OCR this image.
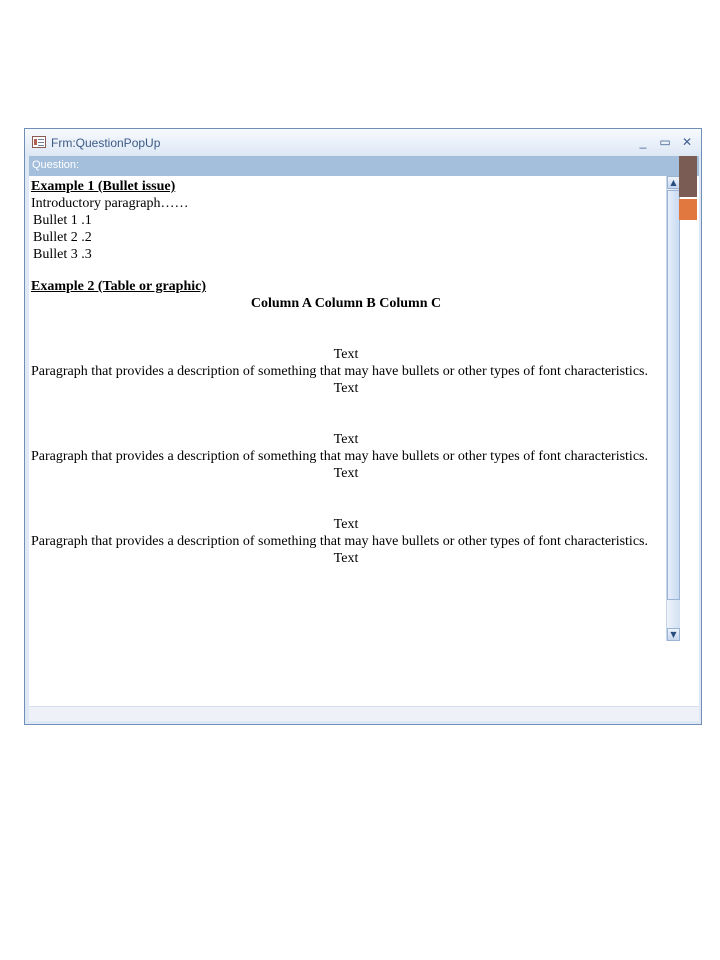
Frm:QuestionPopUp	_	▭ ✕
Question:

Example 1 (Bullet issue)

Introductory paragraph……

Bullet 1 .1

Bullet 2 .2

Bullet 3 .3

Example 2 (Table or graphic)

Column A Column B Column C

Text

Paragraph that provides a description of something that may have bullets or other types of font characteristics.

Text

Text

Paragraph that provides a description of something that may have bullets or other types of font characteristics.

Text

Text

Paragraph that provides a description of something that may have bullets or other types of font characteristics.

Text

▲
▼
